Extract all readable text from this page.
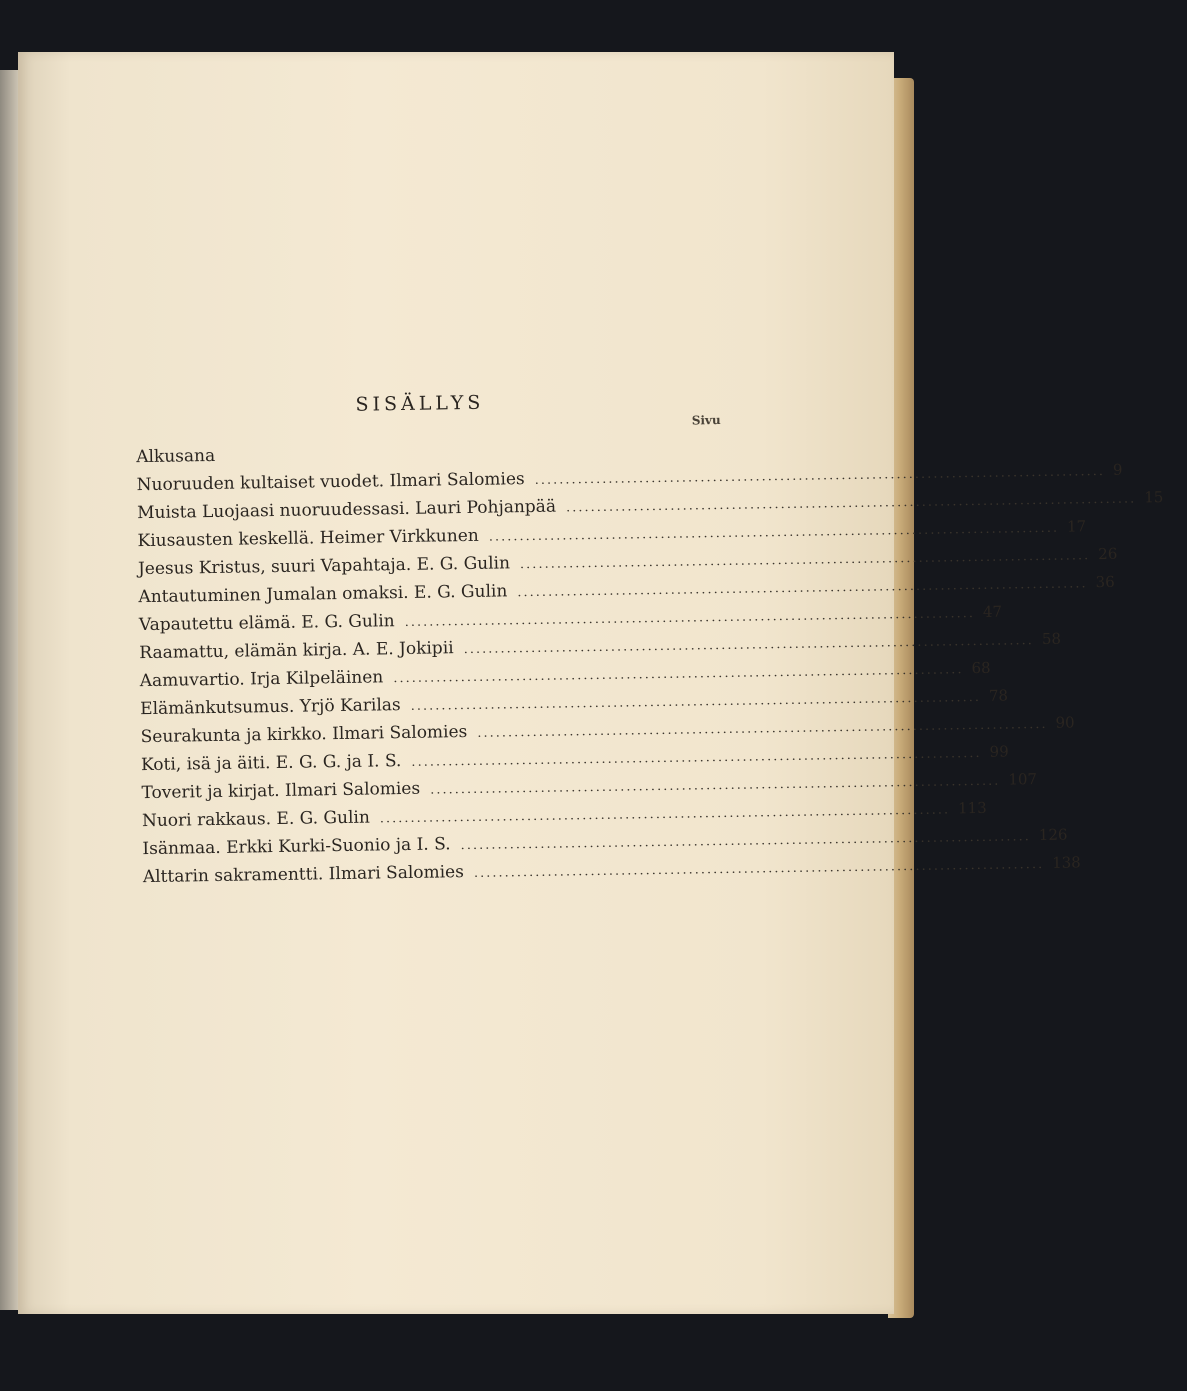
SISÄLLYS
Sivu
Alkusana
Nuoruuden kultaiset vuodet. Ilmari Salomies ............................................................................................. 9
Muista Luojaasi nuoruudessasi. Lauri Pohjanpää ............................................................................................. 15
Kiusausten keskellä. Heimer Virkkunen ............................................................................................. 17
Jeesus Kristus, suuri Vapahtaja. E. G. Gulin ............................................................................................. 26
Antautuminen Jumalan omaksi. E. G. Gulin ............................................................................................. 36
Vapautettu elämä. E. G. Gulin ............................................................................................. 47
Raamattu, elämän kirja. A. E. Jokipii ............................................................................................. 58
Aamuvartio. Irja Kilpeläinen ............................................................................................. 68
Elämänkutsumus. Yrjö Karilas ............................................................................................. 78
Seurakunta ja kirkko. Ilmari Salomies ............................................................................................. 90
Koti, isä ja äiti. E. G. G. ja I. S. ............................................................................................. 99
Toverit ja kirjat. Ilmari Salomies ............................................................................................. 107
Nuori rakkaus. E. G. Gulin ............................................................................................. 113
Isänmaa. Erkki Kurki-Suonio ja I. S. ............................................................................................. 126
Alttarin sakramentti. Ilmari Salomies ............................................................................................. 138
